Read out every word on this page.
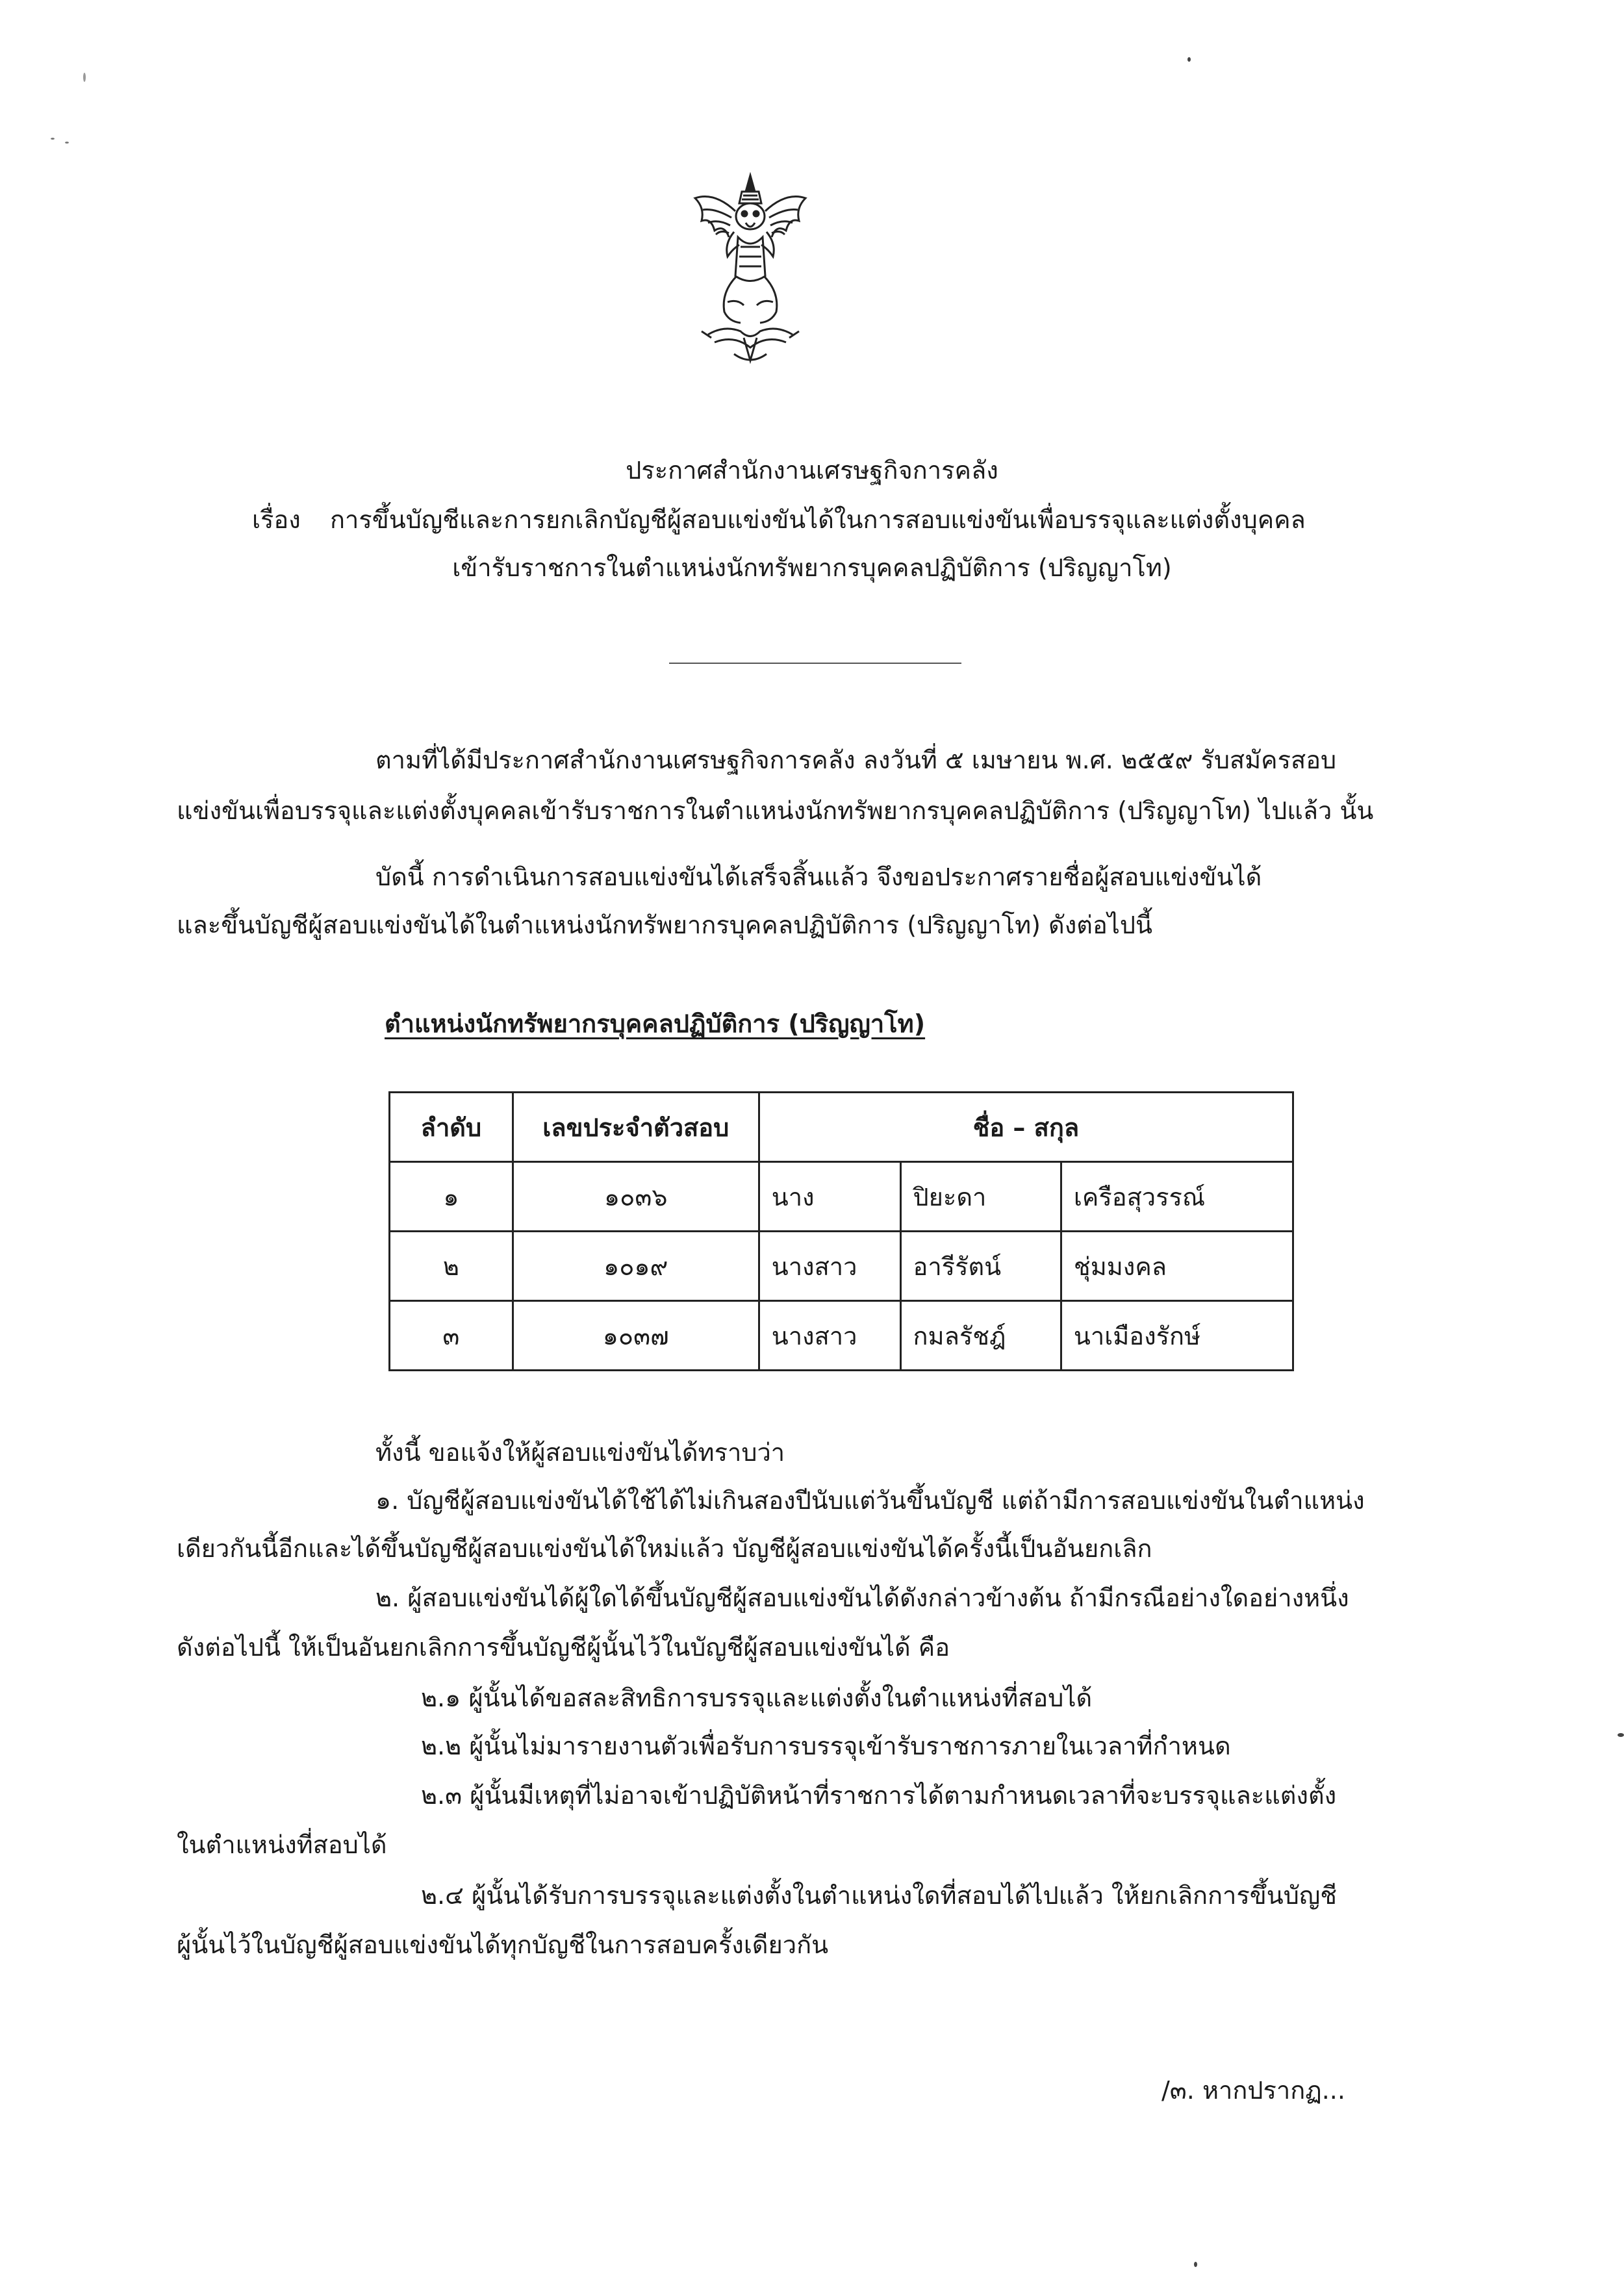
ประกาศสำนักงานเศรษฐกิจการคลัง
เรื่อง การขึ้นบัญชีและการยกเลิกบัญชีผู้สอบแข่งขันได้ในการสอบแข่งขันเพื่อบรรจุและแต่งตั้งบุคคล
เข้ารับราชการในตำแหน่งนักทรัพยากรบุคคลปฏิบัติการ (ปริญญาโท)
ตามที่ได้มีประกาศสำนักงานเศรษฐกิจการคลัง ลงวันที่ ๕ เมษายน พ.ศ. ๒๕๕๙ รับสมัครสอบ
แข่งขันเพื่อบรรจุและแต่งตั้งบุคคลเข้ารับราชการในตำแหน่งนักทรัพยากรบุคคลปฏิบัติการ (ปริญญาโท) ไปแล้ว นั้น
บัดนี้ การดำเนินการสอบแข่งขันได้เสร็จสิ้นแล้ว จึงขอประกาศรายชื่อผู้สอบแข่งขันได้
และขึ้นบัญชีผู้สอบแข่งขันได้ในตำแหน่งนักทรัพยากรบุคคลปฏิบัติการ (ปริญญาโท) ดังต่อไปนี้
ตำแหน่งนักทรัพยากรบุคคลปฏิบัติการ (ปริญญาโท)
ลำดับ	เลขประจำตัวสอบ	ชื่อ – สกุล		
๑	๑๐๓๖	นาง	ปิยะดา	เครือสุวรรณ์
๒	๑๐๑๙	นางสาว	อารีรัตน์	ชุ่มมงคล
๓	๑๐๓๗	นางสาว	กมลรัชฎ์	นาเมืองรักษ์
ทั้งนี้ ขอแจ้งให้ผู้สอบแข่งขันได้ทราบว่า
๑. บัญชีผู้สอบแข่งขันได้ใช้ได้ไม่เกินสองปีนับแต่วันขึ้นบัญชี แต่ถ้ามีการสอบแข่งขันในตำแหน่ง
เดียวกันนี้อีกและได้ขึ้นบัญชีผู้สอบแข่งขันได้ใหม่แล้ว บัญชีผู้สอบแข่งขันได้ครั้งนี้เป็นอันยกเลิก
๒. ผู้สอบแข่งขันได้ผู้ใดได้ขึ้นบัญชีผู้สอบแข่งขันได้ดังกล่าวข้างต้น ถ้ามีกรณีอย่างใดอย่างหนึ่ง
ดังต่อไปนี้ ให้เป็นอันยกเลิกการขึ้นบัญชีผู้นั้นไว้ในบัญชีผู้สอบแข่งขันได้ คือ
๒.๑ ผู้นั้นได้ขอสละสิทธิการบรรจุและแต่งตั้งในตำแหน่งที่สอบได้
๒.๒ ผู้นั้นไม่มารายงานตัวเพื่อรับการบรรจุเข้ารับราชการภายในเวลาที่กำหนด
๒.๓ ผู้นั้นมีเหตุที่ไม่อาจเข้าปฏิบัติหน้าที่ราชการได้ตามกำหนดเวลาที่จะบรรจุและแต่งตั้ง
ในตำแหน่งที่สอบได้
๒.๔ ผู้นั้นได้รับการบรรจุและแต่งตั้งในตำแหน่งใดที่สอบได้ไปแล้ว ให้ยกเลิกการขึ้นบัญชี
ผู้นั้นไว้ในบัญชีผู้สอบแข่งขันได้ทุกบัญชีในการสอบครั้งเดียวกัน
/๓. หากปรากฏ...
